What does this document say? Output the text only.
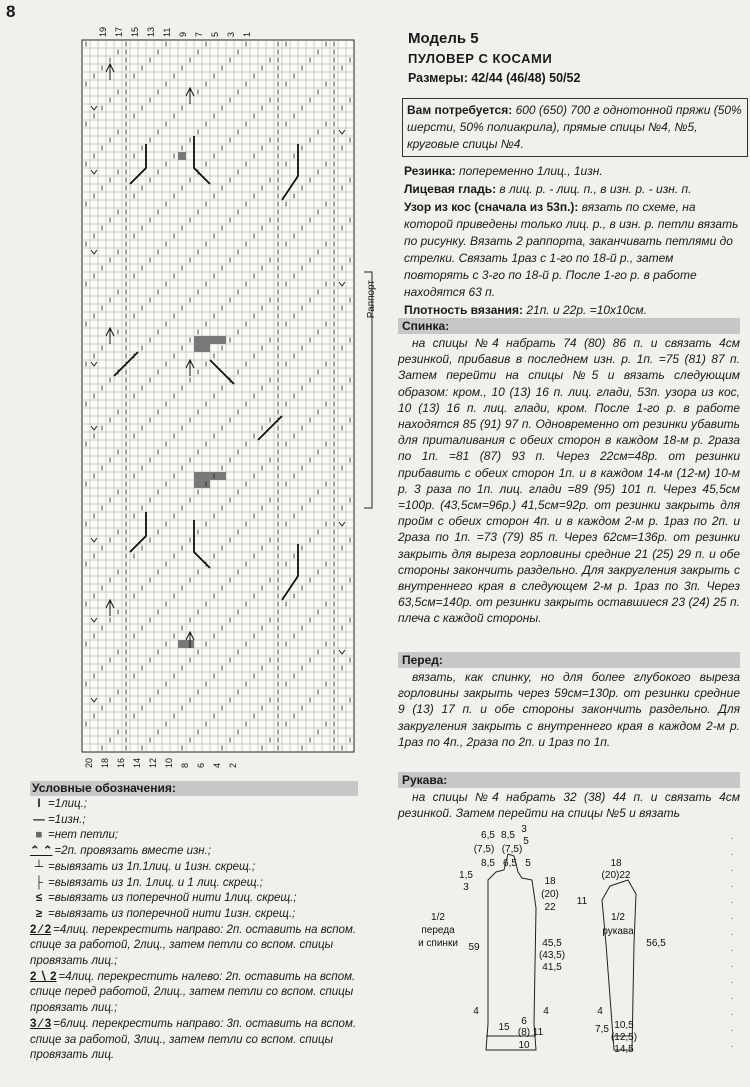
8
19 17 15 13 11 9 7 5 3 1
20 18 16 14 12 10 8 6 4 2
Раппорт
Модель 5
ПУЛОВЕР С КОСАМИ
Размеры: 42/44 (46/48) 50/52
Вам потребуется: 600 (650) 700 г однотонной пряжи (50% шерсти, 50% полиакрила), прямые спицы №4, №5, круговые спицы №4.

Резинка: попеременно 1лиц., 1изн.

Лицевая гладь: в лиц. р. - лиц. п., в изн. р. - изн. п.

Узор из кос (сначала из 53п.): вязать по схеме, на которой приведены только лиц. р., в изн. р. петли вязать по рисунку. Вязать 2 раппорта, заканчивать петлями до стрелки. Связать 1раз с 1-го по 18-й р., затем повторять с 3-го по 18-й р. После 1-го р. в работе находятся 63 п.

Плотность вязания: 21п. и 22р. =10х10см.

Спинка:
на спицы №4 набрать 74 (80) 86 п. и связать 4см резинкой, прибавив в последнем изн. р. 1п. =75 (81) 87 п. Затем перейти на спицы №5 и вязать следующим образом: кром., 10 (13) 16 п. лиц. глади, 53п. узора из кос, 10 (13) 16 п. лиц. глади, кром. После 1-го р. в работе находятся 85 (91) 97 п. Одновременно от резинки убавить для приталивания с обеих сторон в каждом 18-м р. 2раза по 1п. =81 (87) 93 п. Через 22см=48р. от резинки прибавить с обеих сторон 1п. и в каждом 14-м (12-м) 10-м р. 3 раза по 1п. лиц. глади =89 (95) 101 п. Через 45,5см =100р. (43,5см=96р.) 41,5см=92р. от резинки закрыть для пройм с обеих сторон 4п. и в каждом 2-м р. 1раз по 2п. и 2раза по 1п. =73 (79) 85 п. Через 62см=136р. от резинки закрыть для выреза горловины средние 21 (25) 29 п. и обе стороны закончить раздельно. Для закругления закрыть с внутреннего края в следующем 2-м р. 1раз по 3п. Через 63,5см=140р. от резинки закрыть оставшиеся 23 (24) 25 п. плеча с каждой стороны.
Перед:
вязать, как спинку, но для более глубокого выреза горловины закрыть через 59см=130р. от резинки средние 9 (13) 17 п. и обе стороны закончить раздельно. Для закругления закрыть с внутреннего края в каждом 2-м р. 1раз по 4п., 2раза по 2п. и 1раз по 1п.
Рукава:
на спицы №4 набрать 32 (38) 44 п. и связать 4см резинкой. Затем перейти на спицы №5 и вязать
Условные обозначения:
I =1лиц.;
— =1изн.;
■ =нет петли;
⌃ ⌃ =2п. провязать вместе изн.;
┴ =вывязать из 1п.1лиц. и 1изн. скрещ.;
├ =вывязать из 1п. 1лиц. и 1 лиц. скрещ.;
≤ =вывязать из поперечной нити 1лиц. скрещ.;
≥ =вывязать из поперечной нити 1изн. скрещ.;
2 ⁄ 2 =4лиц. перекрестить направо: 2п. оставить на вспом. спице за работой, 2лиц., затем петли со вспом. спицы провязать лиц.;
2 ∖ 2 =4лиц. перекрестить налево: 2п. оставить на вспом. спице перед работой, 2лиц., затем петли со вспом. спицы провязать лиц.;
3 ⁄ 3 =6лиц. перекрестить направо: 3п. оставить на вспом. спице за работой, 3лиц., затем петли со вспом. спицы провязать лиц.
6,5 8,5
3
(7,5) (7,5)
5
8,5 6,5 5
1,5
3
18
(20)
22
1/2
переда
и спинки 59	45,5
(43,5)
41,5
4	4
15
6
(8) 11
10
18
(20)22
11
1/2
рукава
56,5
4
7,5 10,5
(12,5)
14,5
-
-
-
-
-
-
-
-
-
-
-
-
-
-
